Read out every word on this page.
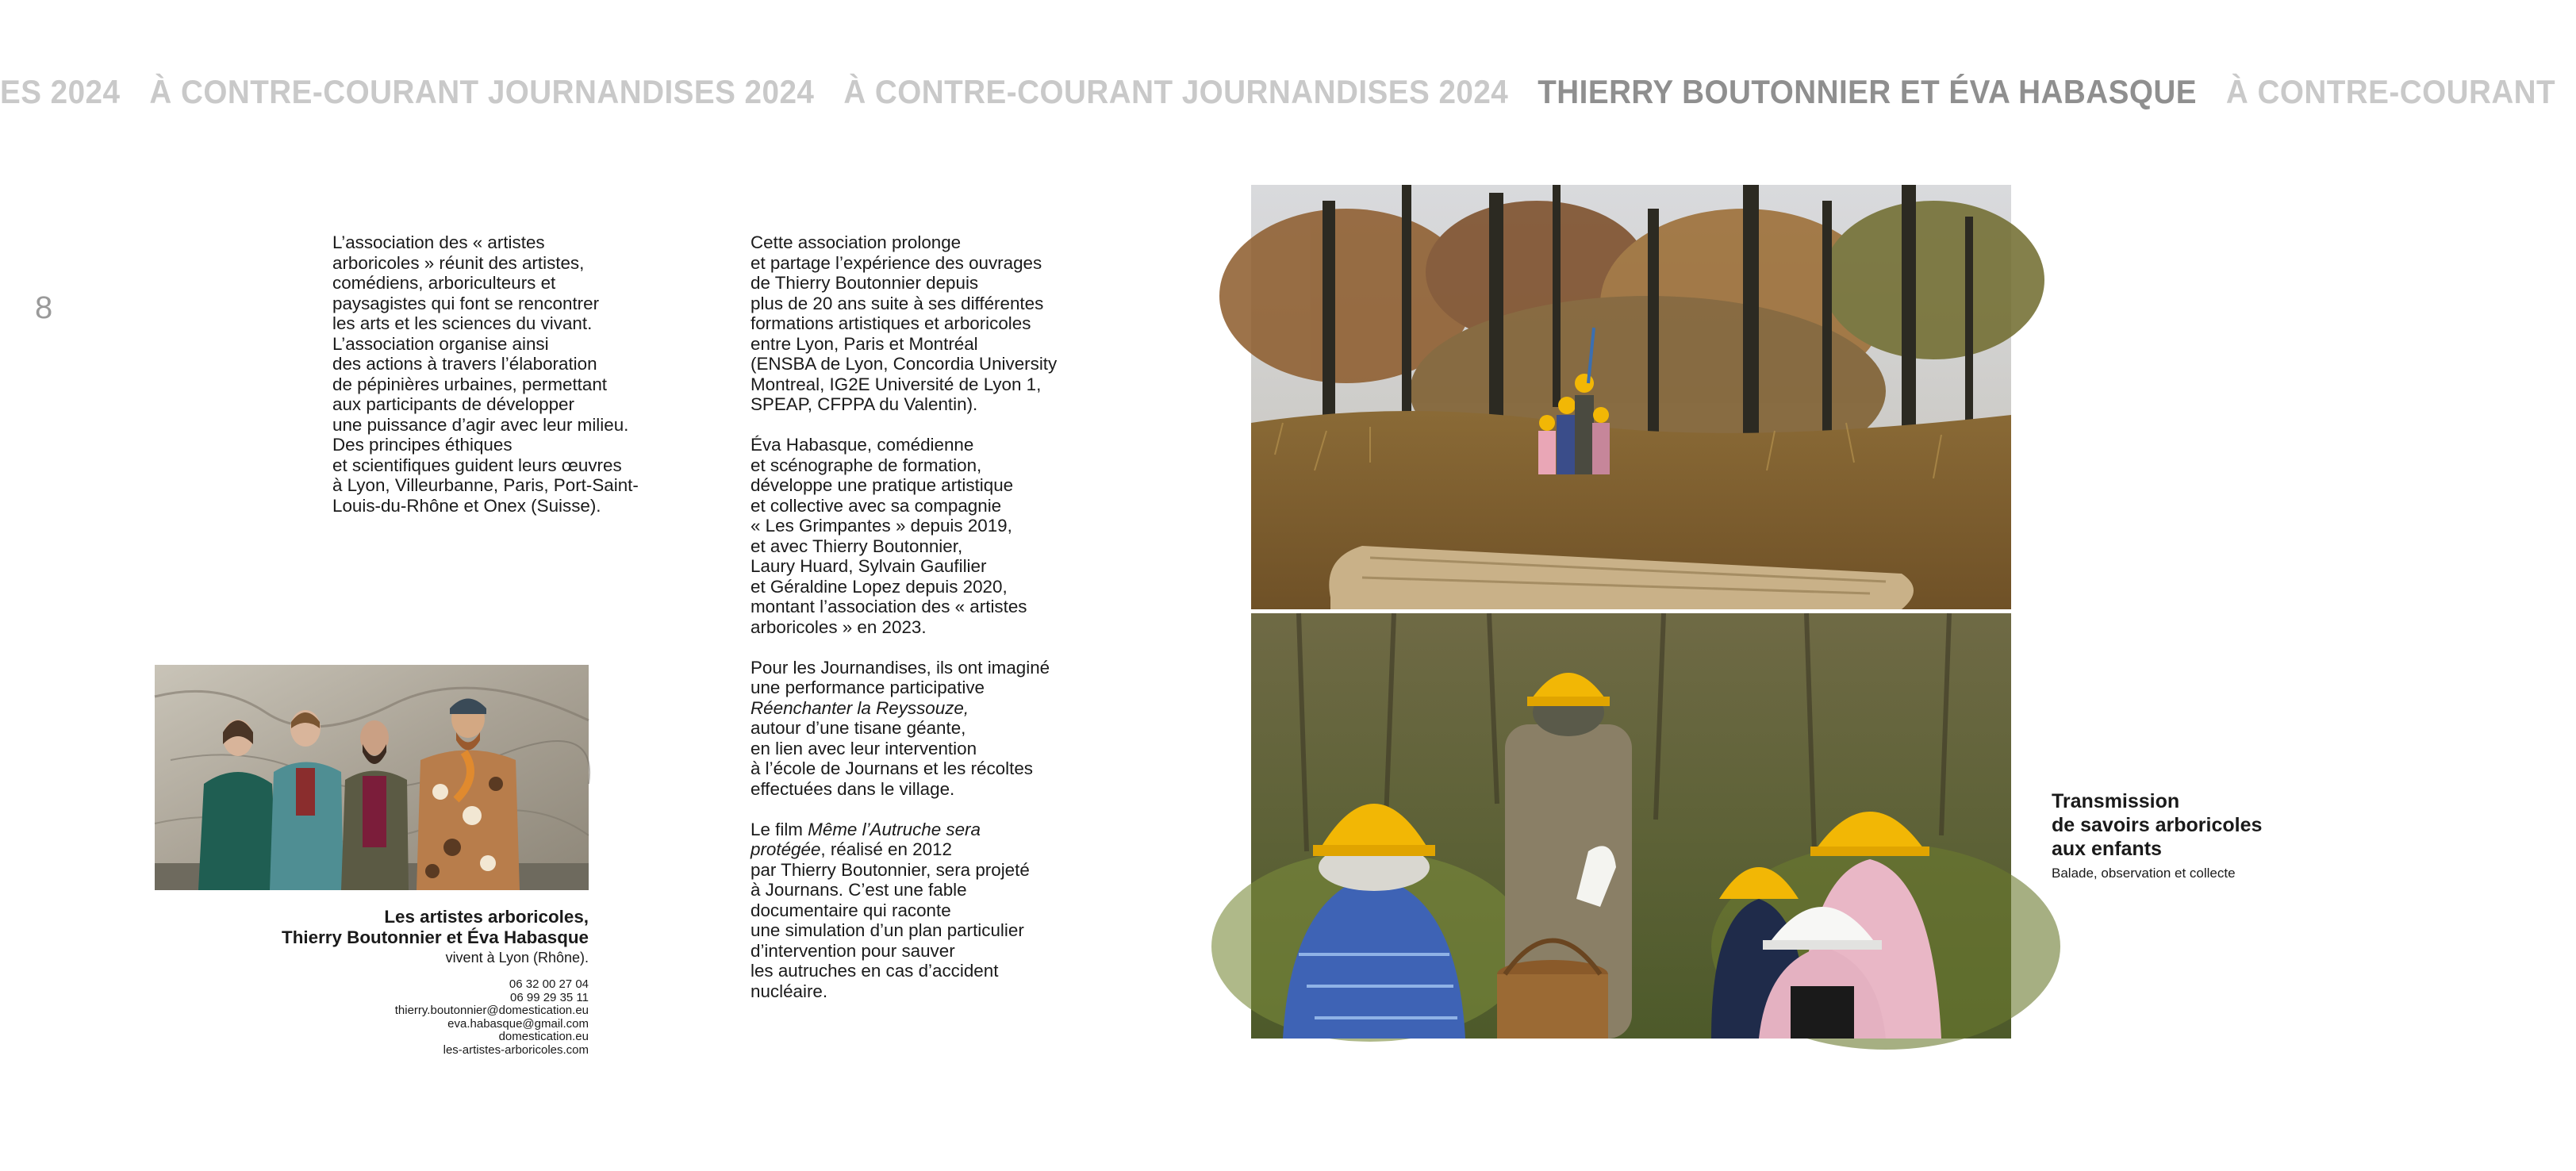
ES 2024 À CONTRE-COURANT JOURNANDISES 2024 À CONTRE-COURANT JOURNANDISES 2024 THIERRY BOUTONNIER ET ÉVA HABASQUE À CONTRE-COURANT
8

L’association des « artistes
arboricoles » réunit des artistes,
comédiens, arboriculteurs et
paysagistes qui font se rencontrer
les arts et les sciences du vivant.
L’association organise ainsi
des actions à travers l’élaboration
de pépinières urbaines, permettant
aux participants de développer
une puissance d’agir avec leur milieu.
Des principes éthiques
et scientifiques guident leurs œuvres
à Lyon, Villeurbanne, Paris, Port-Saint-
Louis-du-Rhône et Onex (Suisse).

Cette association prolonge
et partage l’expérience des ouvrages
de Thierry Boutonnier depuis
plus de 20 ans suite à ses différentes
formations artistiques et arboricoles
entre Lyon, Paris et Montréal
(ENSBA de Lyon, Concordia University
Montreal, IG2E Université de Lyon 1,
SPEAP, CFPPA du Valentin).

Éva Habasque, comédienne
et scénographe de formation,
développe une pratique artistique
et collective avec sa compagnie
« Les Grimpantes » depuis 2019,
et avec Thierry Boutonnier,
Laury Huard, Sylvain Gaufilier
et Géraldine Lopez depuis 2020,
montant l’association des « artistes
arboricoles » en 2023.

Pour les Journandises, ils ont imaginé
une performance participative
Réenchanter la Reyssouze,
autour d’une tisane géante,
en lien avec leur intervention
à l’école de Journans et les récoltes
effectuées dans le village.

Le film Même l’Autruche sera
protégée, réalisé en 2012
par Thierry Boutonnier, sera projeté
à Journans. C’est une fable
documentaire qui raconte
une simulation d’un plan particulier
d’intervention pour sauver
les autruches en cas d’accident
nucléaire.

Les artistes arboricoles,
Thierry Boutonnier et Éva Habasque

vivent à Lyon (Rhône).

06 32 00 27 04
06 99 29 35 11
thierry.boutonnier@domestication.eu
eva.habasque@gmail.com
domestication.eu
les-artistes-arboricoles.com

Transmission
de savoirs arboricoles
aux enfants

Balade, observation et collecte
